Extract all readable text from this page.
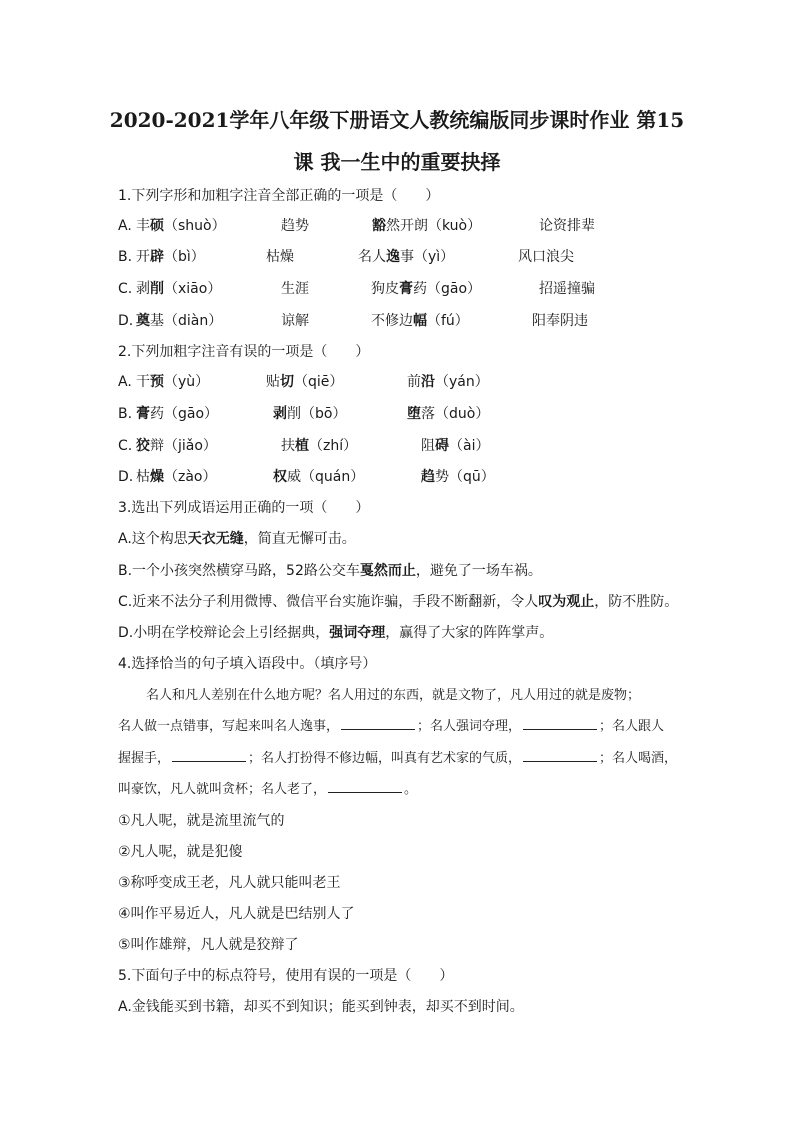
2020-2021学年八年级下册语文人教统编版同步课时作业 第15
课 我一生中的重要抉择
1.下列字形和加粗字注音全部正确的一项是（　　）
A. 丰硕（shuò）	趋势	豁然开朗（kuò）	论资排辈
B. 开辟（bì）	枯燥	名人逸事（yì）	风口浪尖
C. 剥削（xiāo）	生涯	狗皮膏药（gāo）	招遥撞骗
D. 奠基（diàn）	谅解	不修边幅（fú）	阳奉阴违
2.下列加粗字注音有误的一项是（　　）
A. 干预（yù）	贴切（qiē）	前沿（yán）
B. 膏药（gāo）	剥削（bō）	堕落（duò）
C. 狡辩（jiǎo）	扶植（zhí）	阻碍（ài）
D. 枯燥（zào）	权威（quán）	趋势（qū）
3.选出下列成语运用正确的一项（　　）
A.这个构思天衣无缝，简直无懈可击。
B.一个小孩突然横穿马路，52路公交车戛然而止，避免了一场车祸。
C.近来不法分子利用微博、微信平台实施诈骗，手段不断翻新，令人叹为观止，防不胜防。
D.小明在学校辩论会上引经据典，强词夺理，赢得了大家的阵阵掌声。
4.选择恰当的句子填入语段中。（填序号）
名人和凡人差别在什么地方呢？名人用过的东西，就是文物了，凡人用过的就是废物；
名人做一点错事，写起来叫名人逸事，	；名人强词夺理，	；名人跟人
握握手，	；名人打扮得不修边幅，叫真有艺术家的气质，	；名人喝酒，
叫豪饮，凡人就叫贪杯；名人老了，	。
①凡人呢，就是流里流气的
②凡人呢，就是犯傻
③称呼变成王老，凡人就只能叫老王
④叫作平易近人，凡人就是巴结别人了
⑤叫作雄辩，凡人就是狡辩了
5.下面句子中的标点符号，使用有误的一项是（　　）
A.金钱能买到书籍，却买不到知识；能买到钟表，却买不到时间。
